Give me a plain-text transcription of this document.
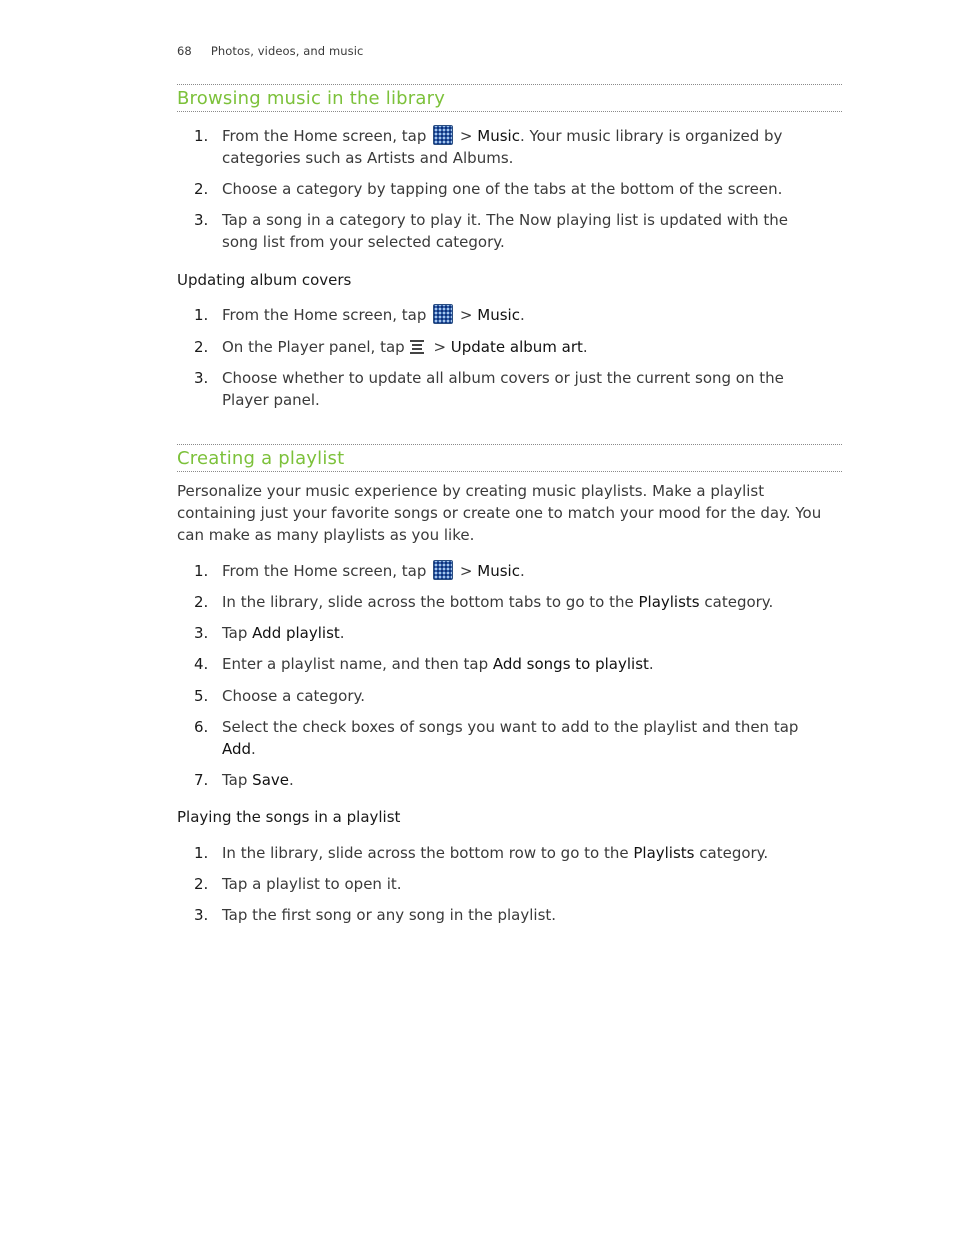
68 Photos, videos, and music
Browsing music in the library
1. From the Home screen, tap  > Music. Your music library is organized by categories such as Artists and Albums.
2. Choose a category by tapping one of the tabs at the bottom of the screen.
3. Tap a song in a category to play it. The Now playing list is updated with the song list from your selected category.
Updating album covers
1. From the Home screen, tap  > Music.
2. On the Player panel, tap > Update album art.
3. Choose whether to update all album covers or just the current song on the Player panel.
Creating a playlist

Personalize your music experience by creating music playlists. Make a playlist containing just your favorite songs or create one to match your mood for the day. You can make as many playlists as you like.

1. From the Home screen, tap  > Music.
2. In the library, slide across the bottom tabs to go to the Playlists category.
3. Tap Add playlist.
4. Enter a playlist name, and then tap Add songs to playlist.
5. Choose a category.
6. Select the check boxes of songs you want to add to the playlist and then tap Add.
7. Tap Save.
Playing the songs in a playlist
1. In the library, slide across the bottom row to go to the Playlists category.
2. Tap a playlist to open it.
3. Tap the first song or any song in the playlist.
